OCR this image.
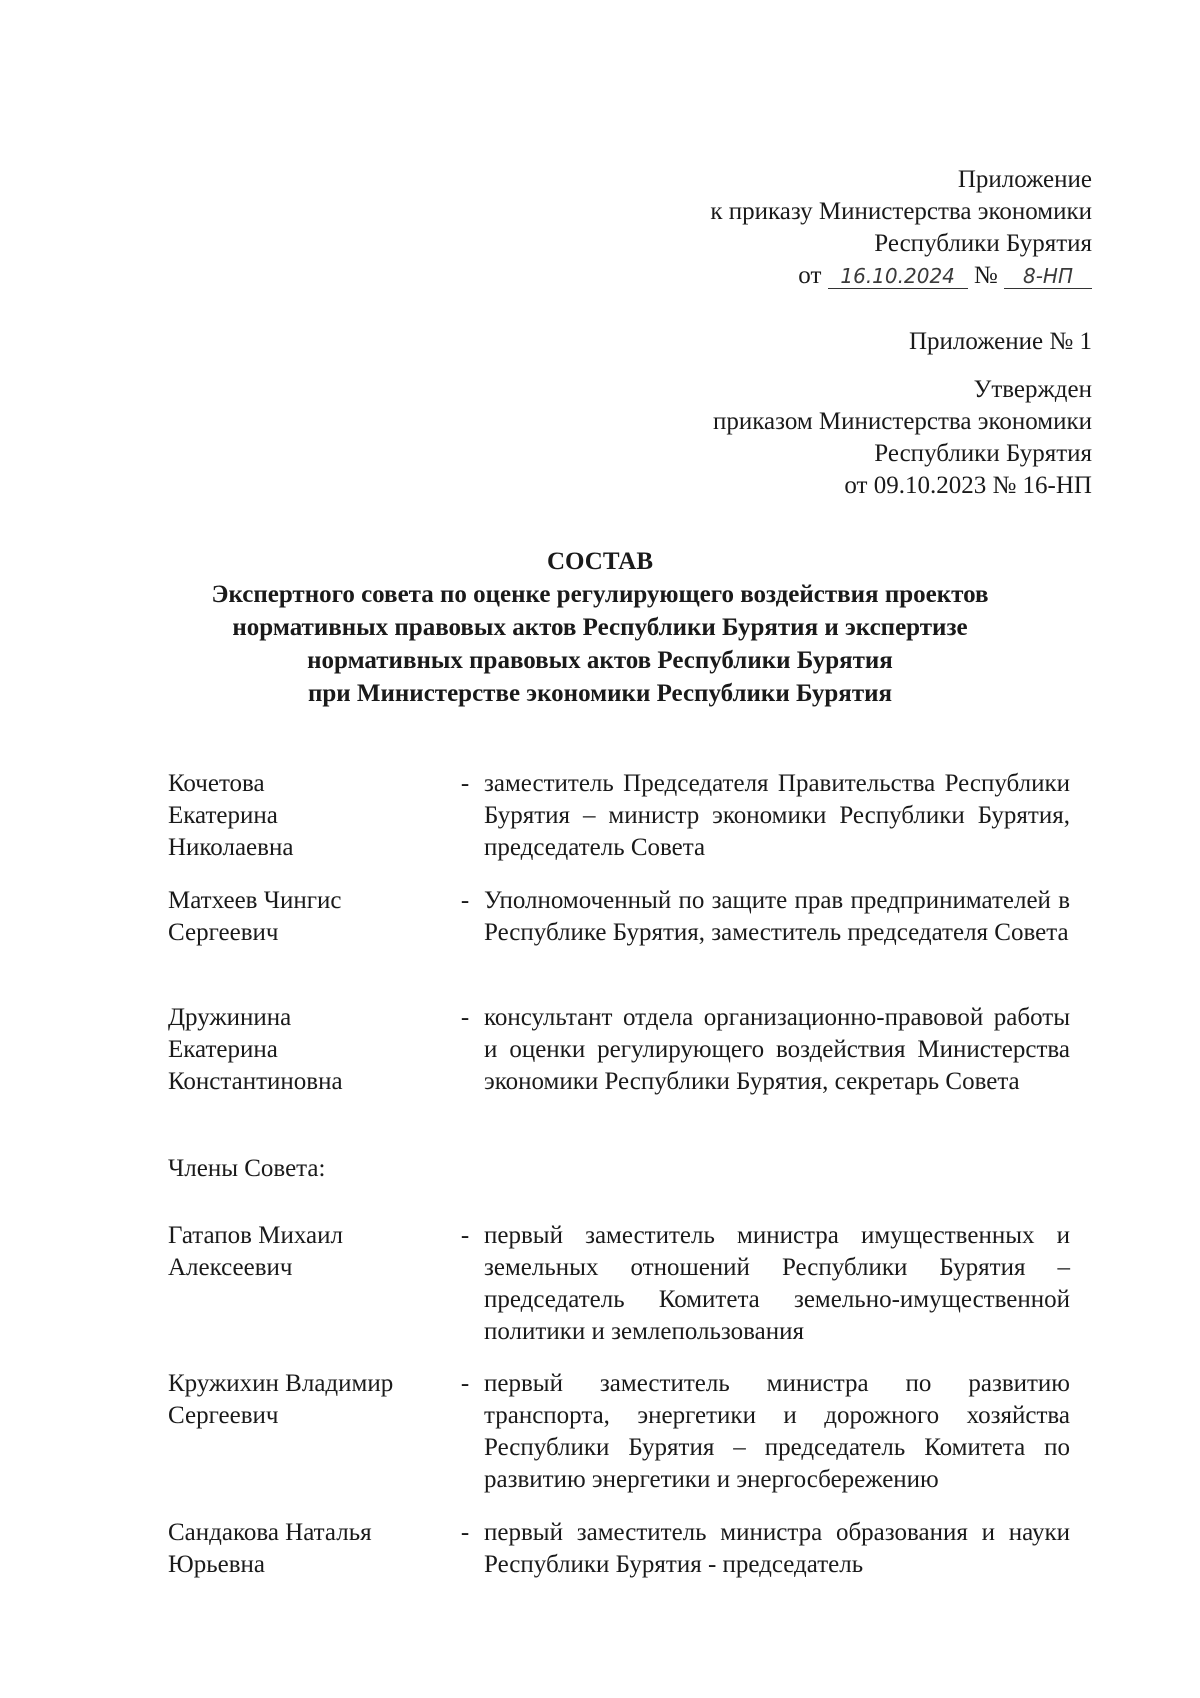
Приложение
к приказу Министерства экономики
Республики Бурятия
от 16.10.2024 № 8-НП
Приложение № 1
Утвержден
приказом Министерства экономики
Республики Бурятия
от 09.10.2023 № 16-НП
СОСТАВ
Экспертного совета по оценке регулирующего воздействия проектов
нормативных правовых актов Республики Бурятия и экспертизе
нормативных правовых актов Республики Бурятия
при Министерстве экономики Республики Бурятия
Кочетова
Екатерина
Николаевна
- заместитель Председателя Правительства Республики Бурятия – министр экономики Республики Бурятия, председатель Совета
Матхеев Чингис
Сергеевич
- Уполномоченный по защите прав предпринимателей в Республике Бурятия, заместитель председателя Совета
Дружинина
Екатерина
Константиновна
- консультант отдела организационно-правовой работы и оценки регулирующего воздействия Министерства экономики Республики Бурятия, секретарь Совета
Члены Совета:
Гатапов Михаил
Алексеевич
- первый заместитель министра имущественных и земельных отношений Республики Бурятия – председатель Комитета земельно-имущественной политики и землепользования
Кружихин Владимир
Сергеевич
- первый заместитель министра по развитию транспорта, энергетики и дорожного хозяйства Республики Бурятия – председатель Комитета по развитию энергетики и энергосбережению
Сандакова Наталья
Юрьевна
- первый заместитель министра образования и науки Республики Бурятия - председатель
